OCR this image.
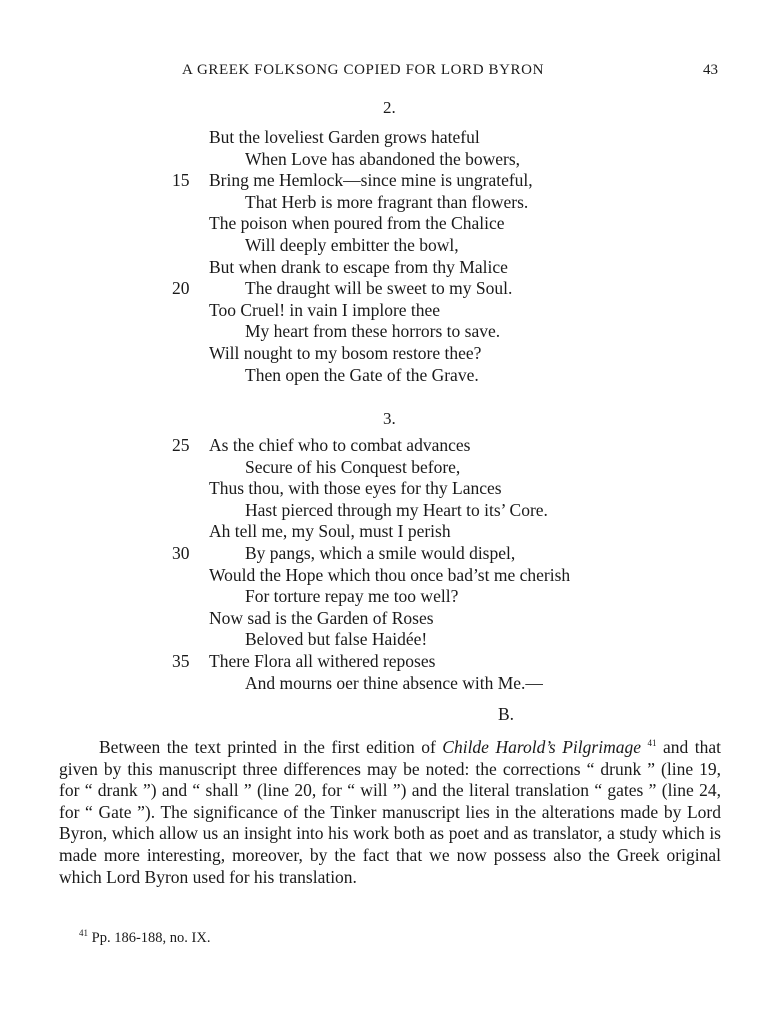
A GREEK FOLKSONG COPIED FOR LORD BYRON	43
2.
But the loveliest Garden grows hateful
When Love has abandoned the bowers,
Bring me Hemlock—since mine is ungrateful,
15
That Herb is more fragrant than flowers.
The poison when poured from the Chalice
Will deeply embitter the bowl,
But when drank to escape from thy Malice
The draught will be sweet to my Soul.
20
Too Cruel! in vain I implore thee
My heart from these horrors to save.
Will nought to my bosom restore thee?
Then open the Gate of the Grave.
3.
As the chief who to combat advances
25
Secure of his Conquest before,
Thus thou, with those eyes for thy Lances
Hast pierced through my Heart to its’ Core.
Ah tell me, my Soul, must I perish
By pangs, which a smile would dispel,
30
Would the Hope which thou once bad’st me cherish
For torture repay me too well?
Now sad is the Garden of Roses
Beloved but false Haidée!
There Flora all withered reposes
35
And mourns oer thine absence with Me.—
B.

Between the text printed in the first edition of Childe Harold’s Pilgrimage $^{41}$ and that given by this manuscript three differences may be noted: the corrections “ drunk ” (line 19, for “ drank ”) and “ shall ” (line 20, for “ will ”) and the literal translation “ gates ” (line 24, for “ Gate ”). The significance of the Tinker manuscript lies in the alterations made by Lord Byron, which allow us an insight into his work both as poet and as translator, a study which is made more interesting, moreover, by the fact that we now possess also the Greek original which Lord Byron used for his translation.

$^{41}$ Pp. 186-188, no. IX.
